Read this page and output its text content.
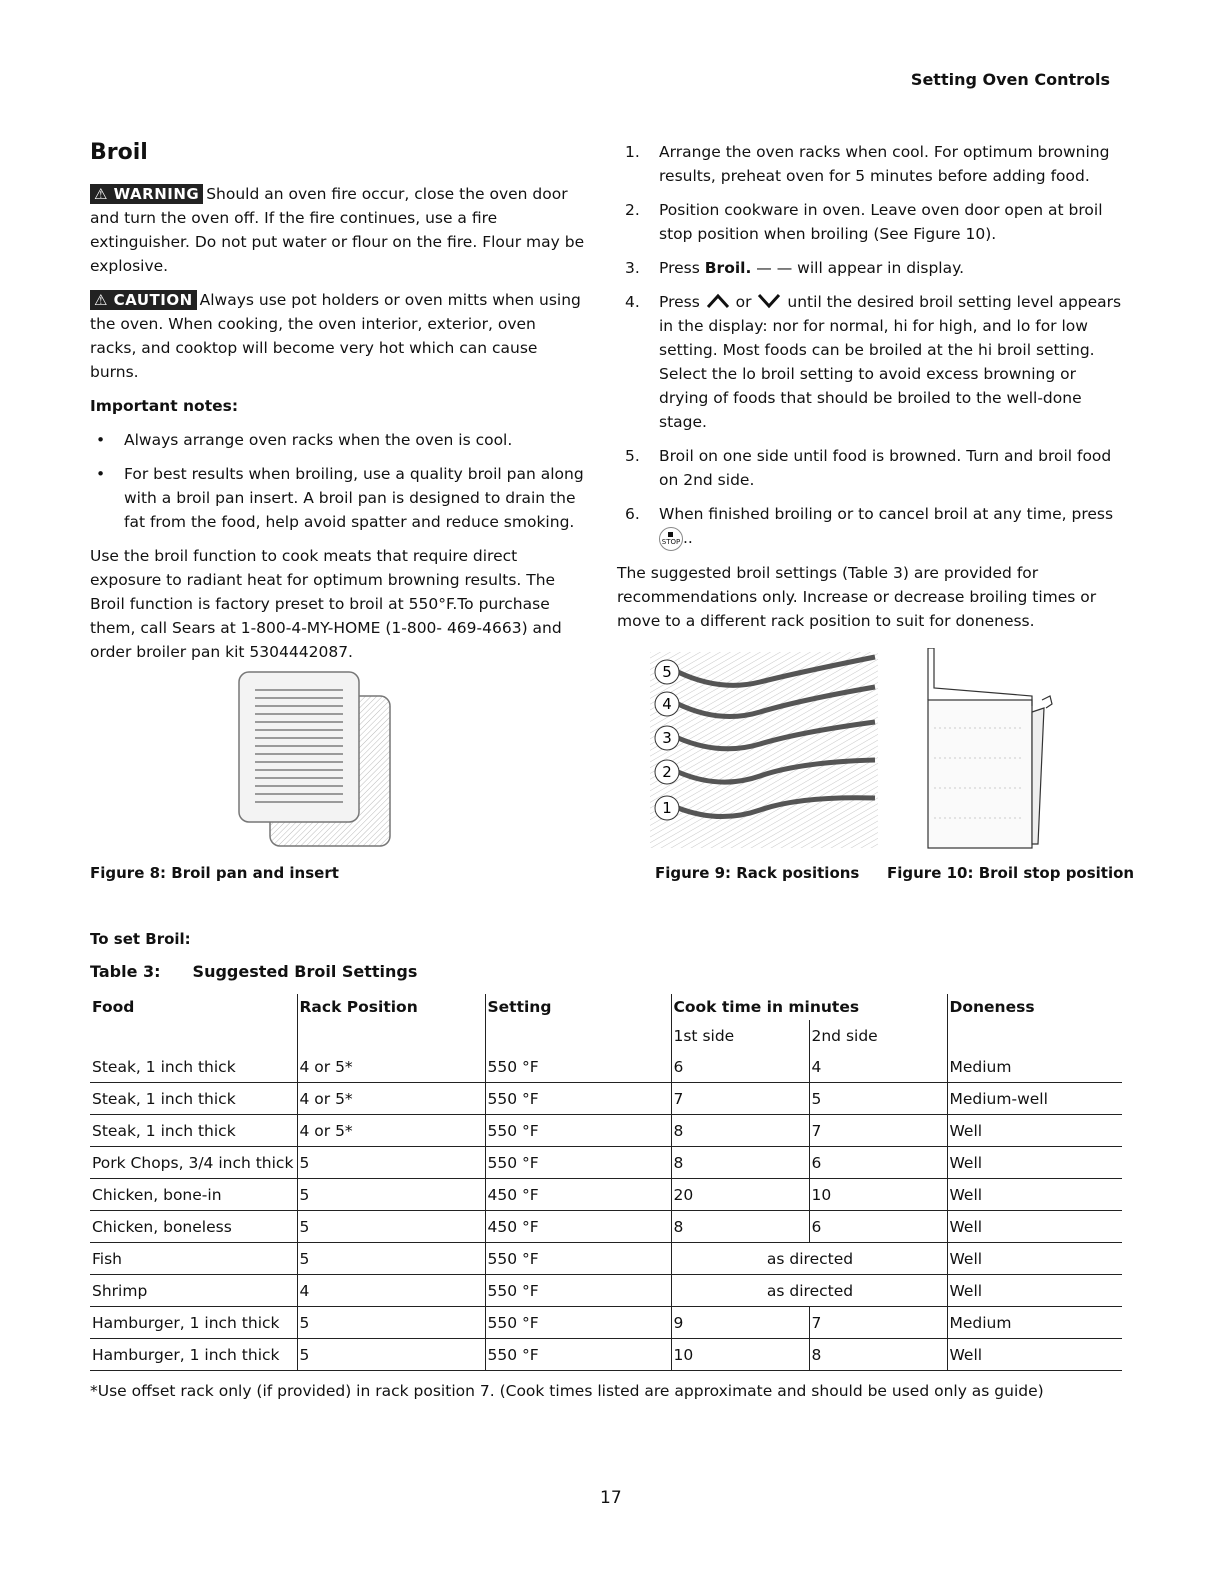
Setting Oven Controls
Broil
⚠ WARNING Should an oven fire occur, close the oven door and turn the oven off. If the fire continues, use a fire extinguisher. Do not put water or flour on the fire. Flour may be explosive.
⚠ CAUTION Always use pot holders or oven mitts when using the oven. When cooking, the oven interior, exterior, oven racks, and cooktop will become very hot which can cause burns.
Important notes:
• Always arrange oven racks when the oven is cool.
• For best results when broiling, use a quality broil pan along with a broil pan insert. A broil pan is designed to drain the fat from the food, help avoid spatter and reduce smoking.
Use the broil function to cook meats that require direct exposure to radiant heat for optimum browning results. The Broil function is factory preset to broil at 550°F.To purchase them, call Sears at 1-800-4-MY-HOME (1-800- 469-4663) and order broiler pan kit 5304442087.
Figure 8: Broil pan and insert
1. Arrange the oven racks when cool. For optimum browning results, preheat oven for 5 minutes before adding food.
2. Position cookware in oven. Leave oven door open at broil stop position when broiling (See Figure 10).
3. Press Broil. — — will appear in display.
4. Press or until the desired broil setting level appears in the display: nor for normal, hi for high, and lo for low setting. Most foods can be broiled at the hi broil setting. Select the lo broil setting to avoid excess browning or drying of foods that should be broiled to the well-done stage.
5. Broil on one side until food is browned. Turn and broil food on 2nd side.
6. When finished broiling or to cancel broil at any time, press
STOP ..
The suggested broil settings (Table 3) are provided for recommendations only. Increase or decrease broiling times or move to a different rack position to suit for doneness.
5
4
3
2
1
Figure 9: Rack positions Figure 10: Broil stop position
To set Broil:
Table 3: Suggested Broil Settings
Food	Rack Position	Setting	Cook time in minutes		Doneness
			1st side	2nd side	
Steak, 1 inch thick	4 or 5*	550 °F	6	4	Medium
Steak, 1 inch thick	4 or 5*	550 °F	7	5	Medium-well
Steak, 1 inch thick	4 or 5*	550 °F	8	7	Well
Pork Chops, 3/4 inch thick	5	550 °F	8	6	Well
Chicken, bone-in	5	450 °F	20	10	Well
Chicken, boneless	5	450 °F	8	6	Well
Fish	5	550 °F	as directed		Well
Shrimp	4	550 °F	as directed		Well
Hamburger, 1 inch thick	5	550 °F	9	7	Medium
Hamburger, 1 inch thick	5	550 °F	10	8	Well
*Use offset rack only (if provided) in rack position 7. (Cook times listed are approximate and should be used only as guide)
17
